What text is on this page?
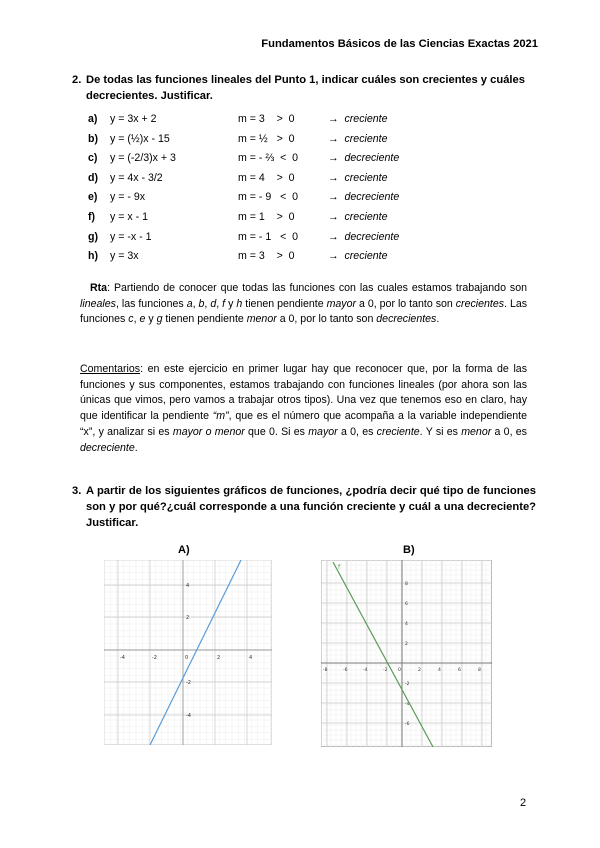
Fundamentos Básicos de las Ciencias Exactas 2021
2. De todas las funciones lineales del Punto 1, indicar cuáles son crecientes y cuáles decrecientes. Justificar.
a) y = 3x + 2	m = 3    >  0	→ creciente
b) y = (½)x - 15	m = ½   >  0	→ creciente
c) y = (-2/3)x + 3	m = - ⅔  <  0	→ decreciente
d) y = 4x - 3/2	m = 4    >  0	→ creciente
e) y = - 9x	m = - 9   <  0	→ decreciente
f) y = x - 1	m = 1    >  0	→ creciente
g) y = -x - 1	m = - 1   <  0	→ decreciente
h) y = 3x	m = 3    >  0	→ creciente
Rta: Partiendo de conocer que todas las funciones con las cuales estamos trabajando son lineales, las funciones a, b, d, f y h tienen pendiente mayor a 0, por lo tanto son crecientes. Las funciones c, e y g tienen pendiente menor a 0, por lo tanto son decrecientes.
Comentarios: en este ejercicio en primer lugar hay que reconocer que, por la forma de las funciones y sus componentes, estamos trabajando con funciones lineales (por ahora son las únicas que vimos, pero vamos a trabajar otros tipos). Una vez que tenemos eso en claro, hay que identificar la pendiente “m”, que es el número que acompaña a la variable independiente “x”, y analizar si es mayor o menor que 0. Si es mayor a 0, es creciente. Y si es menor a 0, es decreciente.
3. A partir de los siguientes gráficos de funciones, ¿podría decir qué tipo de funciones son y por qué?¿cuál corresponde a una función creciente y cuál a una decreciente? Justificar.
A)	B)
-4	-2	0	2	4
4
2
-2
-4
-8	-6	-4	-2 0	2	4	6	8
8
6
4
2
-2
-4
-6
f
2
